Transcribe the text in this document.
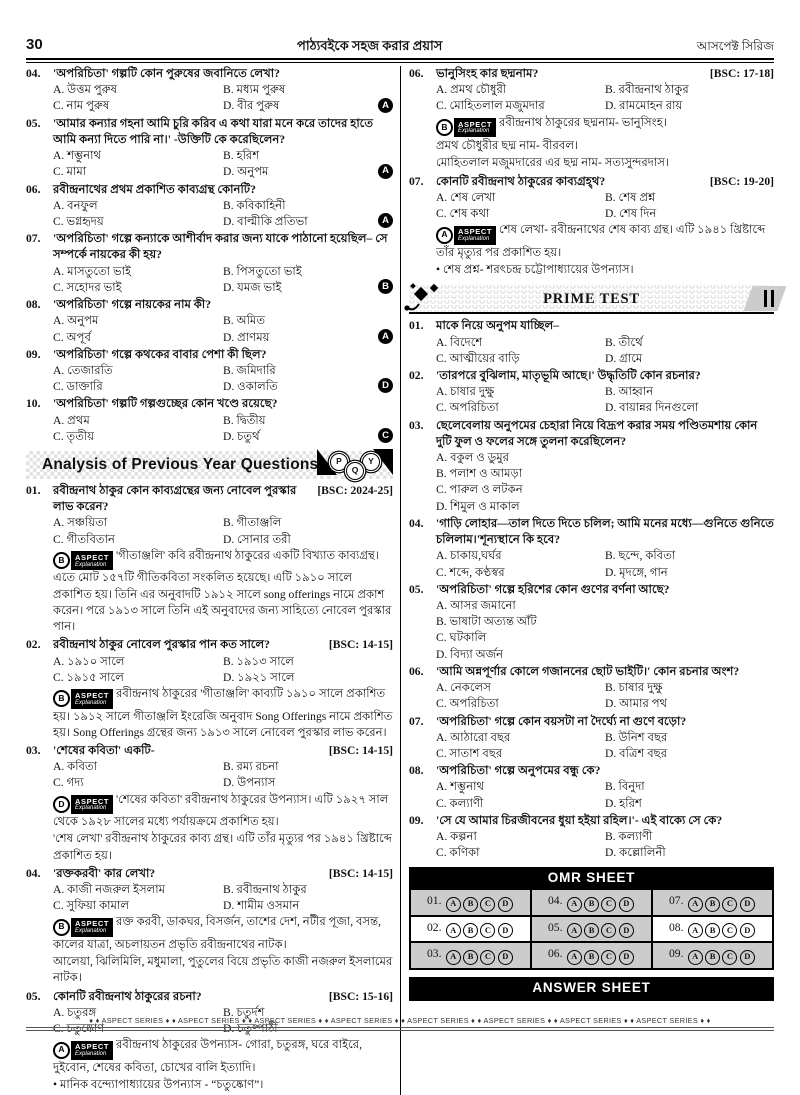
30	পাঠ্যবইকে সহজ করার প্রয়াস	আসপেক্ট সিরিজ
04.	'অপরিচিতা' গল্পটি কোন পুরুষের জবানিতে লেখা?
A
A. উত্তম পুরুষ	B. মধ্যম পুরুষ
C. নাম পুরুষ	D. বীর পুরুষ
05.	'আমার কন্যার গহনা আমি চুরি করিব এ কথা যারা মনে করে তাদের হাতে আমি কন্যা দিতে পারি না।' -উক্তিটি কে করেছিলেন?
A
A. শম্ভুনাথ	B. হরিশ
C. মামা	D. অনুপম
06.	রবীন্দ্রনাথের প্রথম প্রকাশিত কাব্যগ্রন্থ কোনটি?
A
A. বনফুল	B. কবিকাহিনী
C. ভগ্নহৃদয়	D. বাল্মীকি প্রতিভা
07.	'অপরিচিতা' গল্পে কন্যাকে আশীর্বাদ করার জন্য যাকে পাঠানো হয়েছিল– সে সম্পর্কে নায়কের কী হয়?
B
A. মাসতুতো ভাই	B. পিসতুতো ভাই
C. সহোদর ভাই	D. যমজ ভাই
08.	'অপরিচিতা' গল্পে নায়কের নাম কী?
A
A. অনুপম	B. অমিত
C. অপূর্ব	D. প্রাণময়
09.	'অপরিচিতা' গল্পে কথকের বাবার পেশা কী ছিল?
D
A. তেজারতি	B. জমিদারি
C. ডাক্তারি	D. ওকালতি
10.	'অপরিচিতা' গল্পটি গল্পগুচ্ছের কোন খণ্ডে রয়েছে?
C
A. প্রথম	B. দ্বিতীয়
C. তৃতীয়	D. চতুর্থ
Analysis of Previous Year Questions	P
Q
Y
01.	[BSC: 2024-25]
রবীন্দ্রনাথ ঠাকুর কোন কাব্যগ্রন্থের জন্য নোবেল পুরস্কার লাভ করেন?
A. সঞ্চয়িতা	B. গীতাঞ্জলি
C. গীতবিতান	D. সোনার তরী
B	ASPECT
Explanation
'গীতাঞ্জলি' কবি রবীন্দ্রনাথ ঠাকুরের একটি বিখ্যাত কাব্যগ্রন্থ। এতে মোট ১৫৭টি গীতিকবিতা সংকলিত হয়েছে। এটি ১৯১০ সালে প্রকাশিত হয়। তিনি এর অনুবাদটি ১৯১২ সালে song offerings নামে প্রকাশ করেন। পরে ১৯১৩ সালে তিনি এই অনুবাদের জন্য সাহিত্যে নোবেল পুরস্কার পান।
02.	[BSC: 14-15]
রবীন্দ্রনাথ ঠাকুর নোবেল পুরস্কার পান কত সালে?
A. ১৯১০ সালে	B. ১৯১৩ সালে
C. ১৯১৫ সালে	D. ১৯২১ সালে
B	ASPECT
Explanation
রবীন্দ্রনাথ ঠাকুরের 'গীতাঞ্জলি' কাব্যটি ১৯১০ সালে প্রকাশিত হয়। ১৯১২ সালে গীতাঞ্জলি ইংরেজি অনুবাদ Song Offerings নামে প্রকাশিত হয়। Song Offerings গ্রন্থের জন্য ১৯১৩ সালে নোবেল পুরস্কার লাভ করেন।
03.	[BSC: 14-15]
'শেষের কবিতা' একটি-
A. কবিতা	B. রম্য রচনা
C. গদ্য	D. উপন্যাস
D	ASPECT
Explanation
'শেষের কবিতা' রবীন্দ্রনাথ ঠাকুরের উপন্যাস। এটি ১৯২৭ সাল থেকে ১৯২৮ সালের মধ্যে পর্যায়ক্রমে প্রকাশিত হয়।
'শেষ লেখা' রবীন্দ্রনাথ ঠাকুরের কাব্য গ্রন্থ। এটি তাঁর মৃত্যুর পর ১৯৪১ খ্রিষ্টাব্দে প্রকাশিত হয়।
04.	[BSC: 14-15]
'রক্তকরবী' কার লেখা?
A. কাজী নজরুল ইসলাম	B. রবীন্দ্রনাথ ঠাকুর
C. সুফিয়া কামাল	D. শামীম ওসমান
B	ASPECT
Explanation
রক্ত করবী, ডাকঘর, বিসর্জন, তাশের দেশ, নটীর পূজা, বসন্ত, কালের যাত্রা, অচলায়তন প্রভৃতি রবীন্দ্রনাথের নাটক।
আলেয়া, ঝিলিমিলি, মধুমালা, পুতুলের বিয়ে প্রভৃতি কাজী নজরুল ইসলামের নাটক।
05.	[BSC: 15-16]
কোনটি রবীন্দ্রনাথ ঠাকুরের রচনা?
A. চতুরঙ্গ	B. চতুর্দশ
C. চতুষ্কোণ	D. চতুষ্পাঠী
A	ASPECT
Explanation
রবীন্দ্রনাথ ঠাকুরের উপন্যাস- গোরা, চতুরঙ্গ, ঘরে বাইরে, দুইবোন, শেষের কবিতা, চোখের বালি ইত্যাদি।
• মানিক বন্দ্যোপাধ্যায়ের উপন্যাস - “চতুষ্কোণ”।
06.	[BSC: 17-18]
ভানুসিংহ কার ছদ্মনাম?
A. প্রমথ চৌধুরী	B. রবীন্দ্রনাথ ঠাকুর
C. মোহিতলাল মজুমদার	D. রামমোহন রায়
B	ASPECT
Explanation
রবীন্দ্রনাথ ঠাকুরের ছদ্মনাম- ভানুসিংহ।
প্রমথ চৌধুরীর ছদ্ম নাম- বীরবল।
মোহিতলাল মজুমদারের এর ছদ্ম নাম- সত্যসুন্দরদাস।
07.	[BSC: 19-20]
কোনটি রবীন্দ্রনাথ ঠাকুরের কাব্যগ্রহ্থ?
A. শেষ লেখা	B. শেষ প্রশ্ন
C. শেষ কথা	D. শেষ দিন
A	ASPECT
Explanation
শেষ লেখা- রবীন্দ্রনাথের শেষ কাব্য গ্রন্থ। এটি ১৯৪১ খ্রিষ্টাব্দে তাঁর মৃত্যুর পর প্রকাশিত হয়।
• শেষ প্রশ্ন- শরৎচন্দ্র চট্টোপাধ্যায়ের উপন্যাস।
PRIME TEST
01.	মাকে নিয়ে অনুপম যাচ্ছিল–
A. বিদেশে	B. তীর্থে
C. আত্মীয়ের বাড়ি	D. গ্রামে
02.	'তারপরে বুঝিলাম, মাতৃভূমি আছে।' উদ্ধৃতিটি কোন রচনার?
A. চাষার দুক্ষু	B. আহ্বান
C. অপরিচিতা	D. বায়ান্নর দিনগুলো
03.	ছেলেবেলায় অনুপমের চেহারা নিয়ে বিদ্রূপ করার সময় পণ্ডিতমশায় কোন দুটি ফুল ও ফলের সঙ্গে তুলনা করেছিলেন?
A. বকুল ও ডুমুর
B. পলাশ ও আমড়া
C. পারুল ও লটকন
D. শিমুল ও মাকাল
04.	'গাড়ি লোহার—তাল দিতে দিতে চলিল; আমি মনের মধ্যে—গুনিতে গুনিতে চলিলাম।'শূন্যস্থানে কি হবে?
A. চাকায়,ঘর্ঘর	B. ছন্দে, কবিতা
C. শব্দে, কণ্ঠস্বর	D. মৃদঙ্গে, গান
05.	'অপরিচিতা' গল্পে হরিশের কোন গুণের বর্ণনা আছে?
A. আসর জমানো
B. ভাষাটা অত্যন্ত আঁট
C. ঘটকালি
D. বিদ্যা অর্জন
06.	'আমি অন্নপূর্ণার কোলে গজাননের ছোট ভাইটি।' কোন রচনার অংশ?
A. নেকলেস	B. চাষার দুক্ষু
C. অপরিচিতা	D. আমার পথ
07.	'অপরিচিতা' গল্পে কোন বয়সটা না দৈর্ঘ্যে না গুণে বড়ো?
A. আঠারো বছর	B. উনিশ বছর
C. সাতাশ বছর	D. বত্রিশ বছর
08.	'অপরিচিতা' গল্পে অনুপমের বন্ধু কে?
A. শম্ভুনাথ	B. বিনুদা
C. কল্যাণী	D. হরিশ
09.	'সে যে আমার চিরজীবনের ধুয়া হইয়া রহিল।'- এই বাক্যে সে কে?
A. কল্পনা	B. কল্যাণী
C. কণিকা	D. কল্লোলিনী
OMR SHEET
01. A B C D	04. A B C D	07. A B C D
02. A B C D	05. A B C D	08. A B C D
03. A B C D	06. A B C D	09. A B C D
ANSWER SHEET
♦ ♦ ASPECT SERIES ♦ ♦ ASPECT SERIES ♦ ♦ ASPECT SERIES ♦ ♦ ASPECT SERIES ♦ ♦ ASPECT SERIES ♦ ♦ ASPECT SERIES ♦ ♦ ASPECT SERIES ♦ ♦ ASPECT SERIES ♦ ♦
